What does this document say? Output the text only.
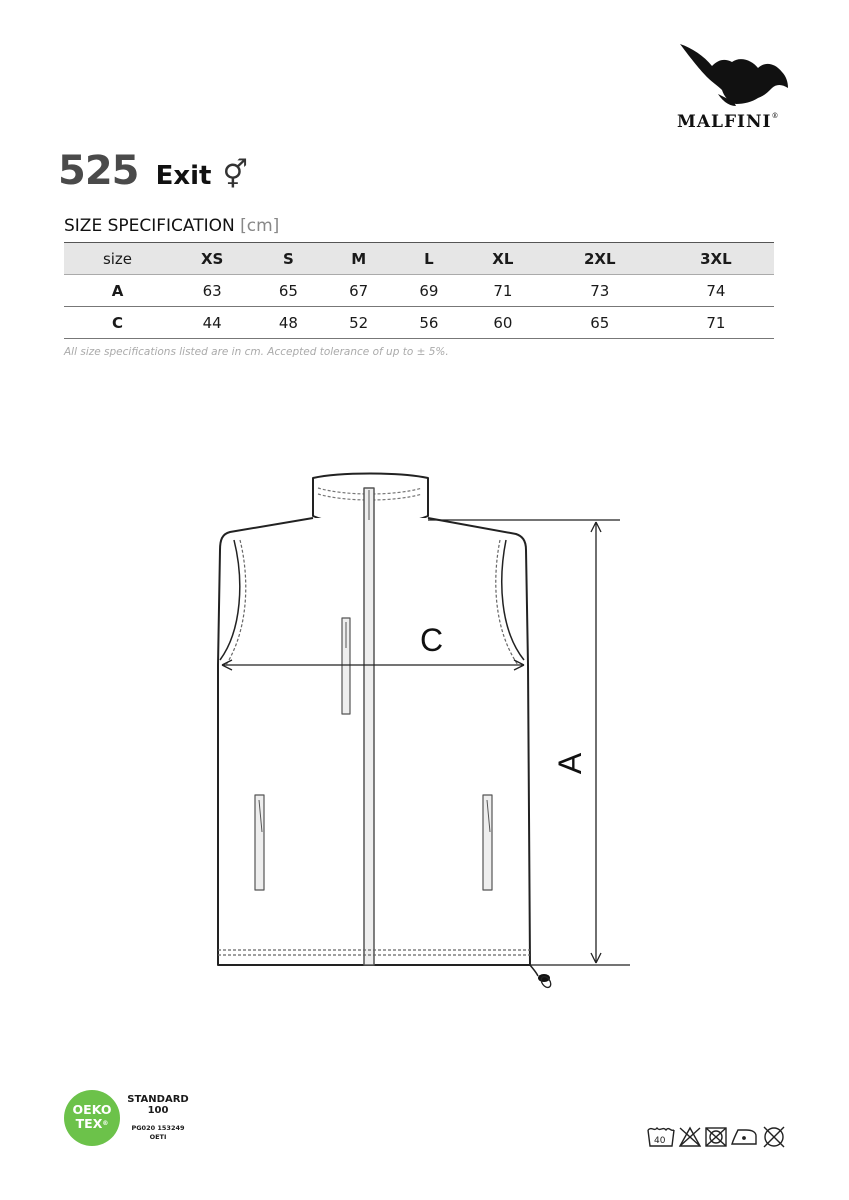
MALFINI®
525 Exit ⚥
SIZE SPECIFICATION [cm]
size	XS	S	M	L	XL	2XL	3XL
A	63	65	67	69	71	73	74
C	44	48	52	56	60	65	71
All size specifications listed are in cm. Accepted tolerance of up to ± 5%.
C
A
OEKO
TEX®
STANDARD
100
PG020 153249
OETI	40
